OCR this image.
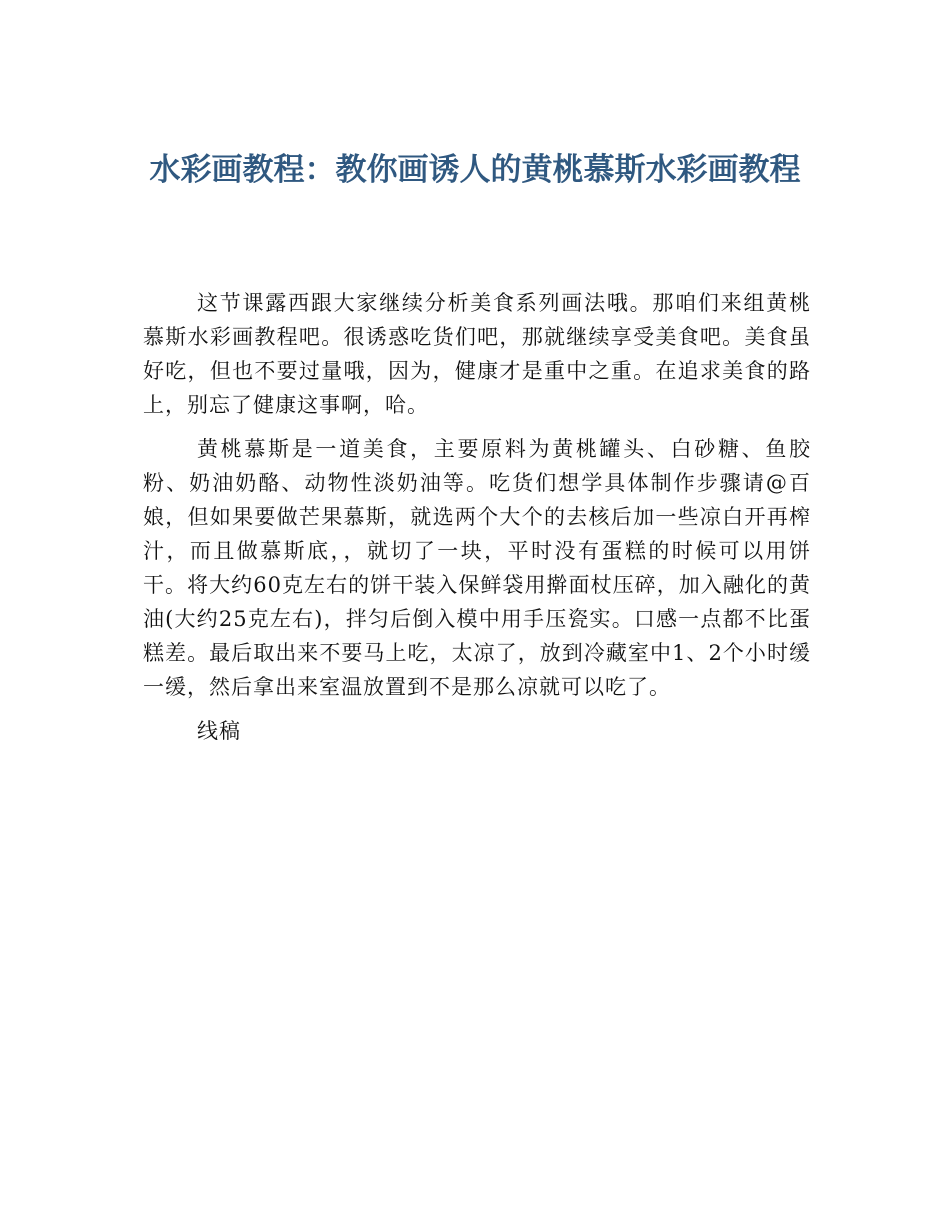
水彩画教程：教你画诱人的黄桃慕斯水彩画教程

这节课露西跟大家继续分析美食系列画法哦。那咱们来组黄桃慕斯水彩画教程吧。很诱惑吃货们吧，那就继续享受美食吧。美食虽好吃，但也不要过量哦，因为，健康才是重中之重。在追求美食的路上，别忘了健康这事啊，哈。

黄桃慕斯是一道美食，主要原料为黄桃罐头、白砂糖、鱼胶粉、奶油奶酪、动物性淡奶油等。吃货们想学具体制作步骤请@百娘，但如果要做芒果慕斯，就选两个大个的去核后加一些凉白开再榨汁，而且做慕斯底，，就切了一块，平时没有蛋糕的时候可以用饼干。将大约60克左右的饼干装入保鲜袋用擀面杖压碎，加入融化的黄油(大约25克左右)，拌匀后倒入模中用手压瓷实。口感一点都不比蛋糕差。最后取出来不要马上吃，太凉了，放到冷藏室中1、2个小时缓一缓，然后拿出来室温放置到不是那么凉就可以吃了。

线稿
